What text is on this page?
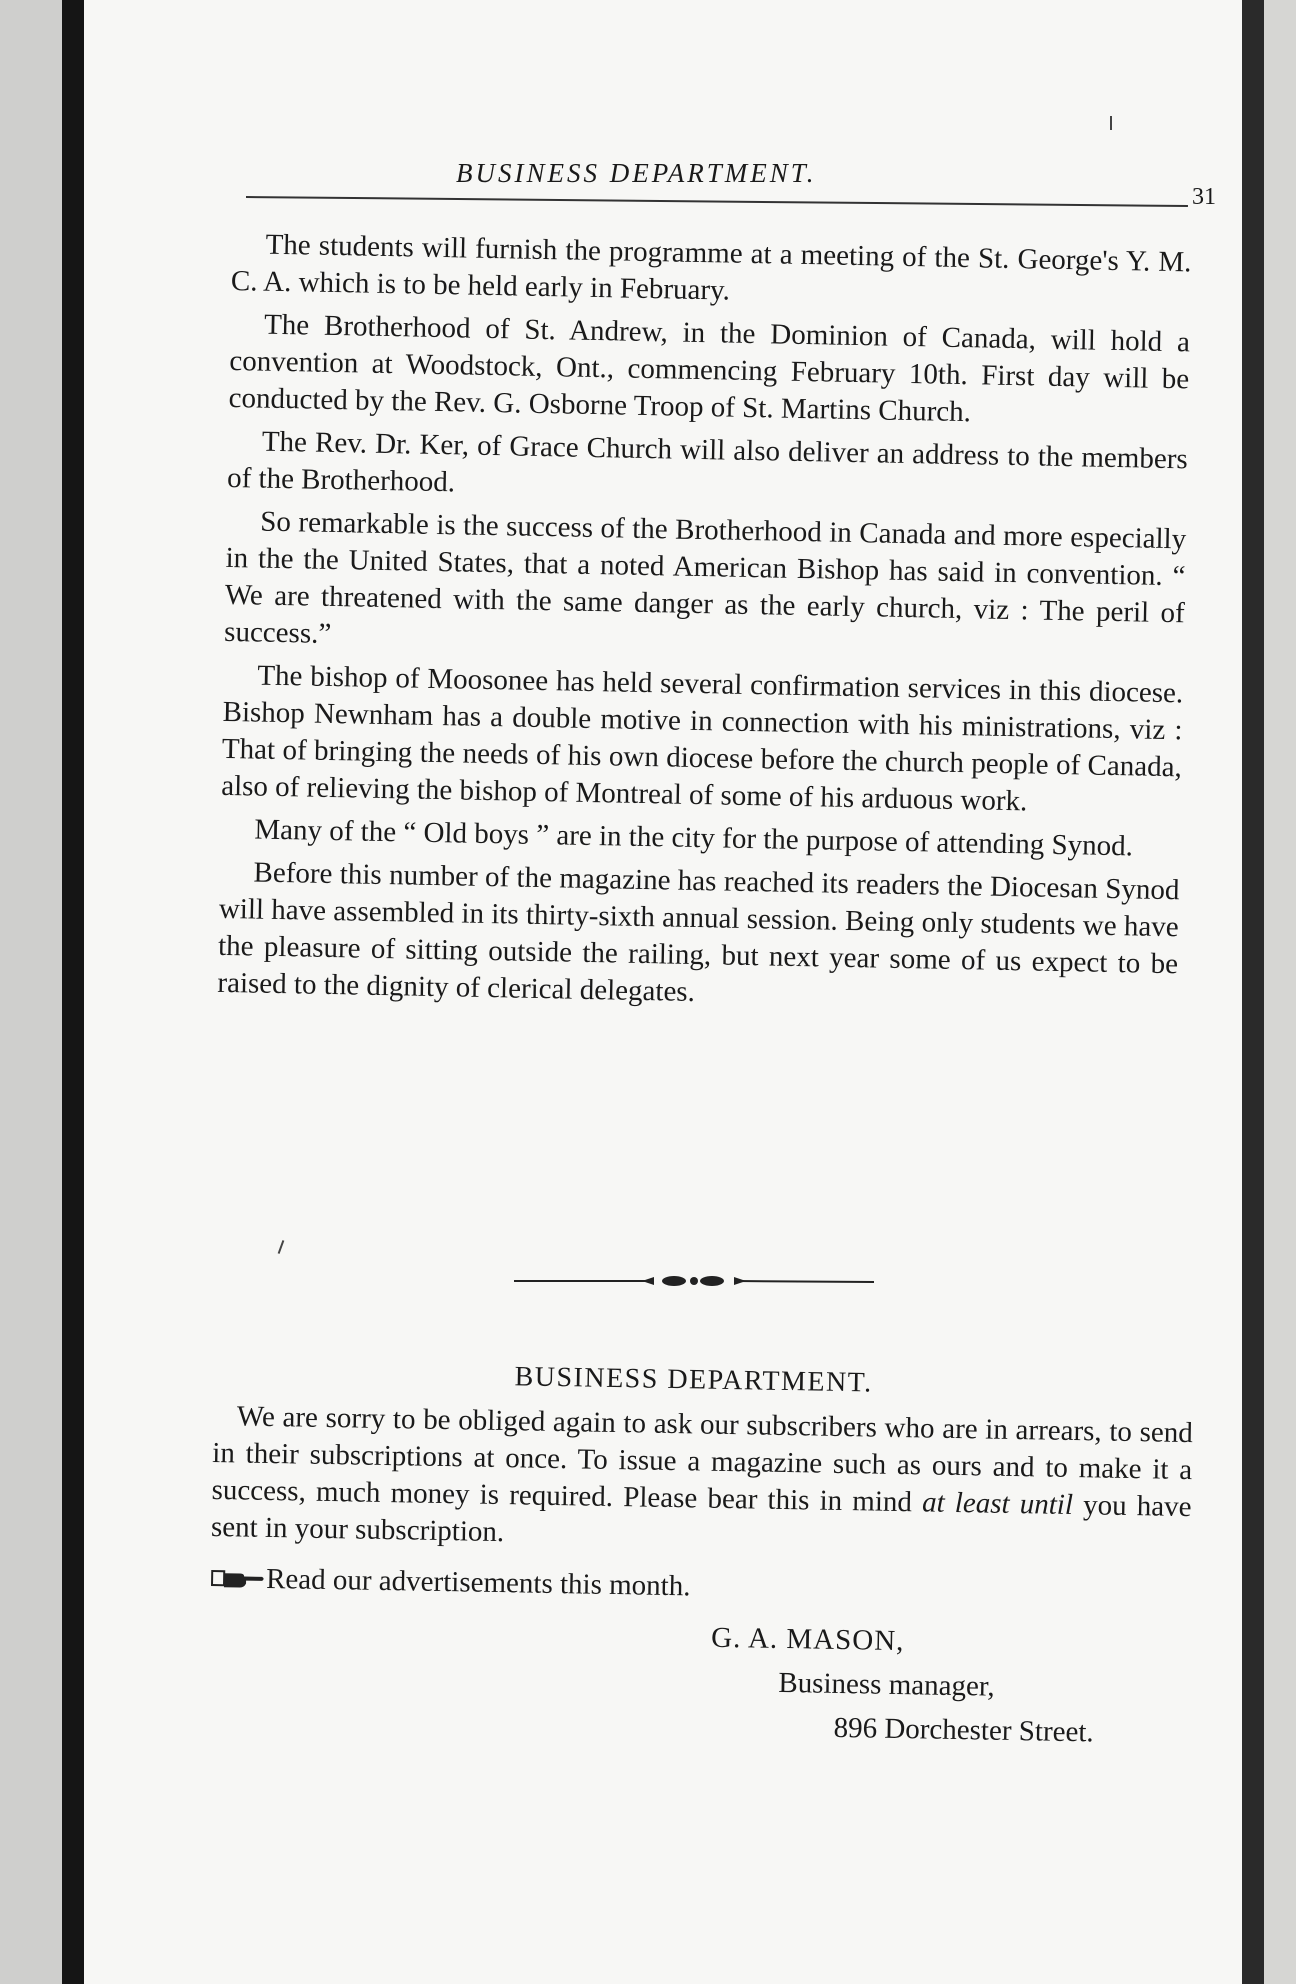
BUSINESS DEPARTMENT.
31

The students will furnish the programme at a meeting of the St. George's Y. M. C. A. which is to be held early in February.

The Brotherhood of St. Andrew, in the Dominion of Canada, will hold a convention at Woodstock, Ont., commencing February 10th. First day will be conducted by the Rev. G. Osborne Troop of St. Martins Church.

The Rev. Dr. Ker, of Grace Church will also deliver an address to the members of the Brotherhood.

So remarkable is the success of the Brotherhood in Canada and more especially in the the United States, that a noted American Bishop has said in convention. “ We are threatened with the same danger as the early church, viz : The peril of success.”

The bishop of Moosonee has held several confirmation services in this diocese. Bishop Newnham has a double motive in connection with his ministrations, viz : That of bringing the needs of his own diocese before the church people of Canada, also of relieving the bishop of Montreal of some of his arduous work.

Many of the “ Old boys ” are in the city for the purpose of attending Synod.

Before this number of the magazine has reached its readers the Diocesan Synod will have assembled in its thirty-sixth annual session. Being only students we have the pleasure of sitting outside the railing, but next year some of us expect to be raised to the dignity of clerical delegates.

BUSINESS DEPARTMENT.

We are sorry to be obliged again to ask our subscribers who are in arrears, to send in their subscriptions at once. To issue a magazine such as ours and to make it a success, much money is required. Please bear this in mind at least until you have sent in your subscription.

Read our advertisements this month.

G. A. MASON,
Business manager,
896 Dorchester Street.
